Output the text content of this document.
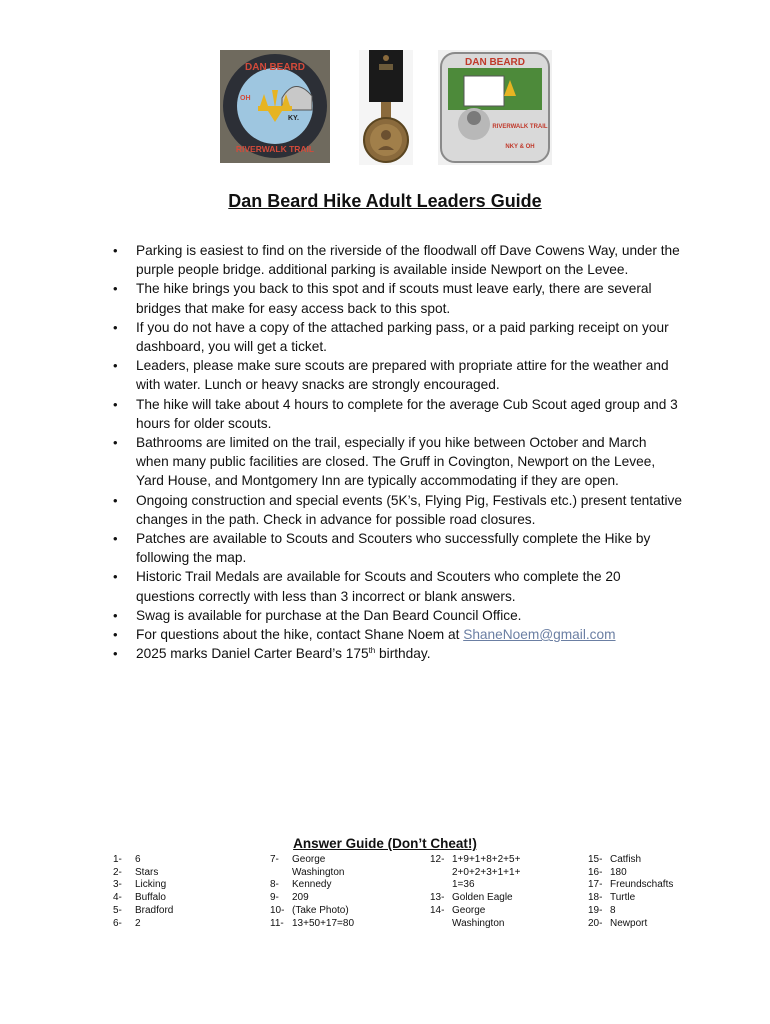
DAN BEARD
OH
KY.
RIVERWALK TRAIL
DAN BEARD
RIVERWALK TRAIL
NKY & OH
Dan Beard Hike Adult Leaders Guide
• Parking is easiest to find on the riverside of the floodwall off Dave Cowens Way, under the purple people bridge. additional parking is available inside Newport on the Levee.
• The hike brings you back to this spot and if scouts must leave early, there are several bridges that make for easy access back to this spot.
• If you do not have a copy of the attached parking pass, or a paid parking receipt on your dashboard, you will get a ticket.
• Leaders, please make sure scouts are prepared with propriate attire for the weather and with water. Lunch or heavy snacks are strongly encouraged.
• The hike will take about 4 hours to complete for the average Cub Scout aged group and 3 hours for older scouts.
• Bathrooms are limited on the trail, especially if you hike between October and March when many public facilities are closed. The Gruff in Covington, Newport on the Levee, Yard House, and Montgomery Inn are typically accommodating if they are open.
• Ongoing construction and special events (5K’s, Flying Pig, Festivals etc.) present tentative changes in the path. Check in advance for possible road closures.
• Patches are available to Scouts and Scouters who successfully complete the Hike by following the map.
• Historic Trail Medals are available for Scouts and Scouters who complete the 20 questions correctly with less than 3 incorrect or blank answers.
• Swag is available for purchase at the Dan Beard Council Office.
• For questions about the hike, contact Shane Noem at ShaneNoem@gmail.com
• 2025 marks Daniel Carter Beard’s 175th birthday.
Answer Guide (Don’t Cheat!)
1-	6
2-	Stars
3-	Licking
4-	Buffalo
5-	Bradford
6-	2
7-	George
Washington
8-	Kennedy
9-	209
10- (Take Photo)
11- 13+50+17=80
12- 1+9+1+8+2+5+
2+0+2+3+1+1+
1=36
13- Golden Eagle
14- George
Washington
15- Catfish
16- 180
17- Freundschafts
18- Turtle
19- 8
20- Newport
